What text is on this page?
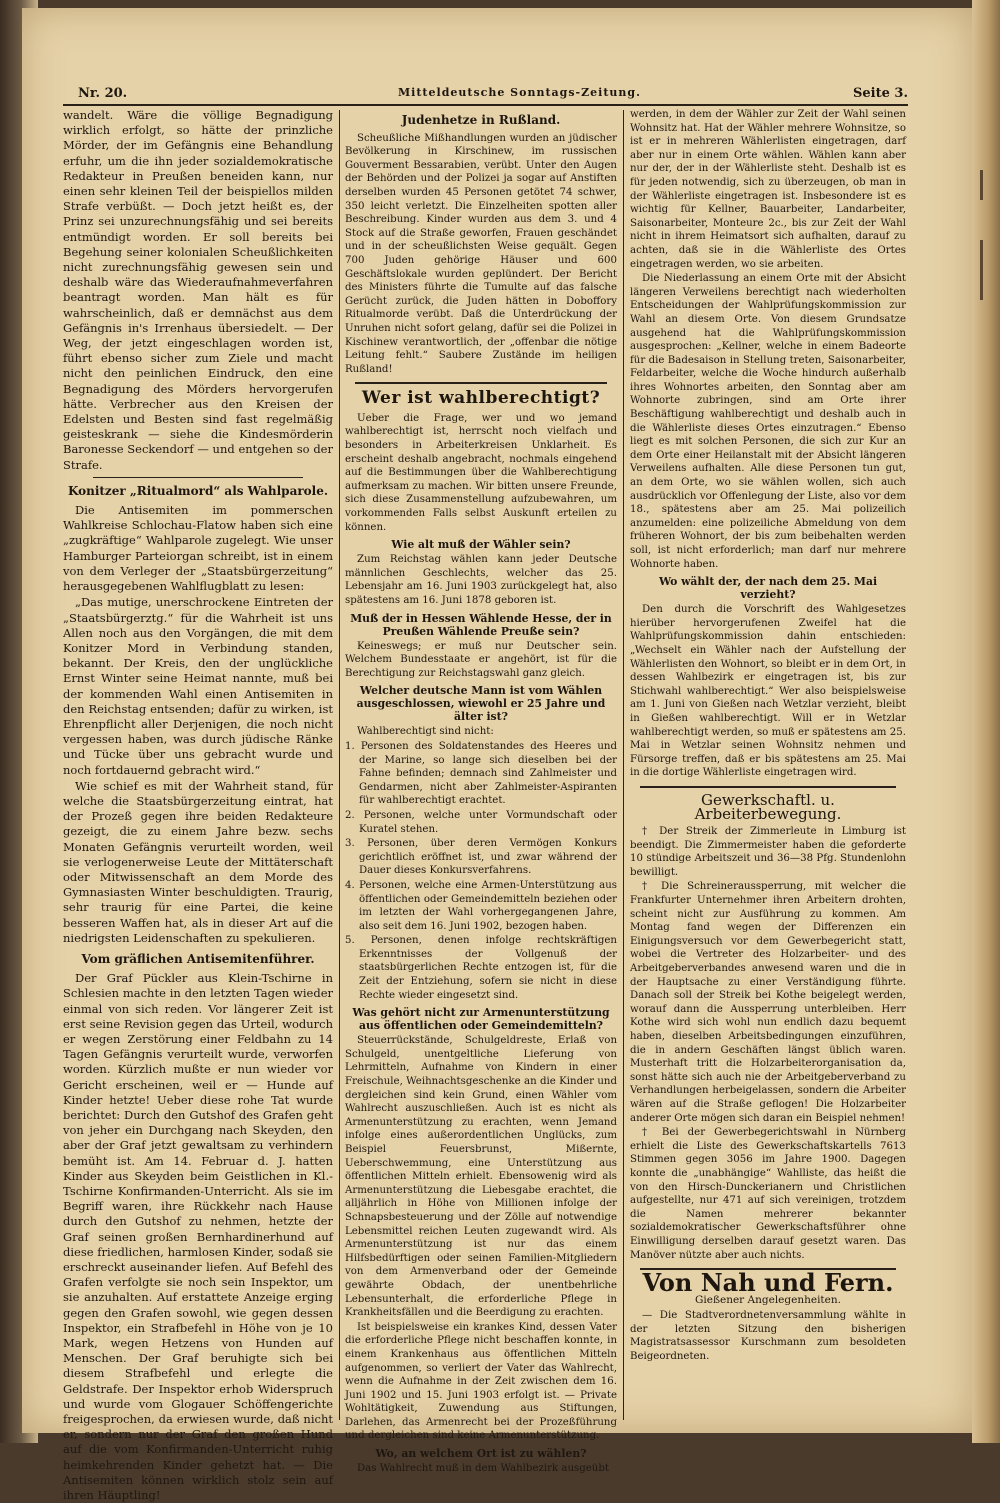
Nr. 20.	Mitteldeutsche Sonntags-Zeitung.	Seite 3.

wandelt. Wäre die völlige Begnadigung wirklich erfolgt, so hätte der prinzliche Mörder, der im Gefängnis eine Behandlung erfuhr, um die ihn jeder sozialdemokratische Redakteur in Preußen beneiden kann, nur einen sehr kleinen Teil der beispiellos milden Strafe verbüßt. — Doch jetzt heißt es, der Prinz sei unzurechnungsfähig und sei bereits entmündigt worden. Er soll bereits bei Begehung seiner kolonialen Scheußlichkeiten nicht zurechnungsfähig gewesen sein und deshalb wäre das Wiederaufnahmeverfahren beantragt worden. Man hält es für wahrscheinlich, daß er demnächst aus dem Gefängnis in's Irrenhaus übersiedelt. — Der Weg, der jetzt eingeschlagen worden ist, führt ebenso sicher zum Ziele und macht nicht den peinlichen Eindruck, den eine Begnadigung des Mörders hervorgerufen hätte. Verbrecher aus den Kreisen der Edelsten und Besten sind fast regelmäßig geisteskrank — siehe die Kindesmörderin Baronesse Seckendorf — und entgehen so der Strafe.

Konitzer „Ritualmord“ als Wahlparole.

Die Antisemiten im pommerschen Wahlkreise Schlochau-Flatow haben sich eine „zugkräftige“ Wahlparole zugelegt. Wie unser Hamburger Parteiorgan schreibt, ist in einem von dem Verleger der „Staatsbürgerzeitung“ herausgegebenen Wahlflugblatt zu lesen:

„Das mutige, unerschrockene Eintreten der „Staatsbürgerztg.“ für die Wahrheit ist uns Allen noch aus den Vorgängen, die mit dem Konitzer Mord in Verbindung standen, bekannt. Der Kreis, den der unglückliche Ernst Winter seine Heimat nannte, muß bei der kommenden Wahl einen Antisemiten in den Reichstag entsenden; dafür zu wirken, ist Ehrenpflicht aller Derjenigen, die noch nicht vergessen haben, was durch jüdische Ränke und Tücke über uns gebracht wurde und noch fortdauernd gebracht wird.“

Wie schief es mit der Wahrheit stand, für welche die Staatsbürgerzeitung eintrat, hat der Prozeß gegen ihre beiden Redakteure gezeigt, die zu einem Jahre bezw. sechs Monaten Gefängnis verurteilt worden, weil sie verlogenerweise Leute der Mittäterschaft oder Mitwissenschaft an dem Morde des Gymnasiasten Winter beschuldigten. Traurig, sehr traurig für eine Partei, die keine besseren Waffen hat, als in dieser Art auf die niedrigsten Leidenschaften zu spekulieren.

Vom gräflichen Antisemitenführer.

Der Graf Pückler aus Klein-Tschirne in Schlesien machte in den letzten Tagen wieder einmal von sich reden. Vor längerer Zeit ist erst seine Revision gegen das Urteil, wodurch er wegen Zerstörung einer Feldbahn zu 14 Tagen Gefängnis verurteilt wurde, verworfen worden. Kürzlich mußte er nun wieder vor Gericht erscheinen, weil er — Hunde auf Kinder hetzte! Ueber diese rohe Tat wurde berichtet: Durch den Gutshof des Grafen geht von jeher ein Durchgang nach Skeyden, den aber der Graf jetzt gewaltsam zu verhindern bemüht ist. Am 14. Februar d. J. hatten Kinder aus Skeyden beim Geistlichen in Kl.-Tschirne Konfirmanden-Unterricht. Als sie im Begriff waren, ihre Rückkehr nach Hause durch den Gutshof zu nehmen, hetzte der Graf seinen großen Bernhardinerhund auf diese friedlichen, harmlosen Kinder, sodaß sie erschreckt auseinander liefen. Auf Befehl des Grafen verfolgte sie noch sein Inspektor, um sie anzuhalten. Auf erstattete Anzeige erging gegen den Grafen sowohl, wie gegen dessen Inspektor, ein Strafbefehl in Höhe von je 10 Mark, wegen Hetzens von Hunden auf Menschen. Der Graf beruhigte sich bei diesem Strafbefehl und erlegte die Geldstrafe. Der Inspektor erhob Widerspruch und wurde vom Glogauer Schöffengerichte freigesprochen, da erwiesen wurde, daß nicht er, sondern nur der Graf den großen Hund auf die vom Konfirmanden-Unterricht ruhig heimkehrenden Kinder gehetzt hat. — Die Antisemiten können wirklich stolz sein auf ihren Häuptling!

Judenhetze in Rußland.

Scheußliche Mißhandlungen wurden an jüdischer Bevölkerung in Kirschinew, im russischen Gouverment Bessarabien, verübt. Unter den Augen der Behörden und der Polizei ja sogar auf Anstiften derselben wurden 45 Personen getötet 74 schwer, 350 leicht verletzt. Die Einzelheiten spotten aller Beschreibung. Kinder wurden aus dem 3. und 4 Stock auf die Straße geworfen, Frauen geschändet und in der scheußlichsten Weise gequält. Gegen 700 Juden gehörige Häuser und 600 Geschäftslokale wurden geplündert. Der Bericht des Ministers führte die Tumulte auf das falsche Gerücht zurück, die Juden hätten in Doboffory Ritualmorde verübt. Daß die Unterdrückung der Unruhen nicht sofort gelang, dafür sei die Polizei in Kischinew verantwortlich, der „offenbar die nötige Leitung fehlt.“ Saubere Zustände im heiligen Rußland!

Wer ist wahlberechtigt?

Ueber die Frage, wer und wo jemand wahlberechtigt ist, herrscht noch vielfach und besonders in Arbeiterkreisen Unklarheit. Es erscheint deshalb angebracht, nochmals eingehend auf die Bestimmungen über die Wahlberechtigung aufmerksam zu machen. Wir bitten unsere Freunde, sich diese Zusammenstellung aufzubewahren, um vorkommenden Falls selbst Auskunft erteilen zu können.

Wie alt muß der Wähler sein?

Zum Reichstag wählen kann jeder Deutsche männlichen Geschlechts, welcher das 25. Lebensjahr am 16. Juni 1903 zurückgelegt hat, also spätestens am 16. Juni 1878 geboren ist.

Muß der in Hessen Wählende Hesse, der in Preußen Wählende Preuße sein?

Keineswegs; er muß nur Deutscher sein. Welchem Bundesstaate er angehört, ist für die Berechtigung zur Reichstagswahl ganz gleich.

Welcher deutsche Mann ist vom Wählen ausgeschlossen, wiewohl er 25 Jahre und älter ist?

Wahlberechtigt sind nicht:

1. Personen des Soldatenstandes des Heeres und der Marine, so lange sich dieselben bei der Fahne befinden; demnach sind Zahlmeister und Gendarmen, nicht aber Zahlmeister-Aspiranten für wahlberechtigt erachtet.
2. Personen, welche unter Vormundschaft oder Kuratel stehen.
3. Personen, über deren Vermögen Konkurs gerichtlich eröffnet ist, und zwar während der Dauer dieses Konkursverfahrens.
4. Personen, welche eine Armen-Unterstützung aus öffentlichen oder Gemeindemitteln beziehen oder im letzten der Wahl vorhergegangenen Jahre, also seit dem 16. Juni 1902, bezogen haben.
5. Personen, denen infolge rechtskräftigen Erkenntnisses der Vollgenuß der staatsbürgerlichen Rechte entzogen ist, für die Zeit der Entziehung, sofern sie nicht in diese Rechte wieder eingesetzt sind.
Was gehört nicht zur Armenunterstützung aus öffentlichen oder Gemeindemitteln?

Steuerrückstände, Schulgeldreste, Erlaß von Schulgeld, unentgeltliche Lieferung von Lehrmitteln, Aufnahme von Kindern in einer Freischule, Weihnachtsgeschenke an die Kinder und dergleichen sind kein Grund, einen Wähler vom Wahlrecht auszuschließen. Auch ist es nicht als Armenunterstützung zu erachten, wenn Jemand infolge eines außerordentlichen Unglücks, zum Beispiel Feuersbrunst, Mißernte, Ueberschwemmung, eine Unterstützung aus öffentlichen Mitteln erhielt. Ebensowenig wird als Armenunterstützung die Liebesgabe erachtet, die alljährlich in Höhe von Millionen infolge der Schnapsbesteuerung und der Zölle auf notwendige Lebensmittel reichen Leuten zugewandt wird. Als Armenunterstützung ist nur das einem Hilfsbedürftigen oder seinen Familien-Mitgliedern von dem Armenverband oder der Gemeinde gewährte Obdach, der unentbehrliche Lebensunterhalt, die erforderliche Pflege in Krankheitsfällen und die Beerdigung zu erachten.

Ist beispielsweise ein krankes Kind, dessen Vater die erforderliche Pflege nicht beschaffen konnte, in einem Krankenhaus aus öffentlichen Mitteln aufgenommen, so verliert der Vater das Wahlrecht, wenn die Aufnahme in der Zeit zwischen dem 16. Juni 1902 und 15. Juni 1903 erfolgt ist. — Private Wohltätigkeit, Zuwendung aus Stiftungen, Darlehen, das Armenrecht bei der Prozeßführung und dergleichen sind keine Armenunterstützung.

Wo, an welchem Ort ist zu wählen?

Das Wahlrecht muß in dem Wahlbezirk ausgeübt

werden, in dem der Wähler zur Zeit der Wahl seinen Wohnsitz hat. Hat der Wähler mehrere Wohnsitze, so ist er in mehreren Wählerlisten eingetragen, darf aber nur in einem Orte wählen. Wählen kann aber nur der, der in der Wählerliste steht. Deshalb ist es für jeden notwendig, sich zu überzeugen, ob man in der Wählerliste eingetragen ist. Insbesondere ist es wichtig für Kellner, Bauarbeiter, Landarbeiter, Saisonarbeiter, Monteure 2c., bis zur Zeit der Wahl nicht in ihrem Heimatsort sich aufhalten, darauf zu achten, daß sie in die Wählerliste des Ortes eingetragen werden, wo sie arbeiten.

Die Niederlassung an einem Orte mit der Absicht längeren Verweilens berechtigt nach wiederholten Entscheidungen der Wahlprüfungskommission zur Wahl an diesem Orte. Von diesem Grundsatze ausgehend hat die Wahlprüfungskommission ausgesprochen: „Kellner, welche in einem Badeorte für die Badesaison in Stellung treten, Saisonarbeiter, Feldarbeiter, welche die Woche hindurch außerhalb ihres Wohnortes arbeiten, den Sonntag aber am Wohnorte zubringen, sind am Orte ihrer Beschäftigung wahlberechtigt und deshalb auch in die Wählerliste dieses Ortes einzutragen.“ Ebenso liegt es mit solchen Personen, die sich zur Kur an dem Orte einer Heilanstalt mit der Absicht längeren Verweilens aufhalten. Alle diese Personen tun gut, an dem Orte, wo sie wählen wollen, sich auch ausdrücklich vor Offenlegung der Liste, also vor dem 18., spätestens aber am 25. Mai polizeilich anzumelden: eine polizeiliche Abmeldung von dem früheren Wohnort, der bis zum beibehalten werden soll, ist nicht erforderlich; man darf nur mehrere Wohnorte haben.

Wo wählt der, der nach dem 25. Mai verzieht?

Den durch die Vorschrift des Wahlgesetzes hierüber hervorgerufenen Zweifel hat die Wahlprüfungskommission dahin entschieden: „Wechselt ein Wähler nach der Aufstellung der Wählerlisten den Wohnort, so bleibt er in dem Ort, in dessen Wahlbezirk er eingetragen ist, bis zur Stichwahl wahlberechtigt.“ Wer also beispielsweise am 1. Juni von Gießen nach Wetzlar verzieht, bleibt in Gießen wahlberechtigt. Will er in Wetzlar wahlberechtigt werden, so muß er spätestens am 25. Mai in Wetzlar seinen Wohnsitz nehmen und Fürsorge treffen, daß er bis spätestens am 25. Mai in die dortige Wählerliste eingetragen wird.

Gewerkschaftl. u. Arbeiterbewegung.

† Der Streik der Zimmerleute in Limburg ist beendigt. Die Zimmermeister haben die geforderte 10 stündige Arbeitszeit und 36—38 Pfg. Stundenlohn bewilligt.

† Die Schreineraussperrung, mit welcher die Frankfurter Unternehmer ihren Arbeitern drohten, scheint nicht zur Ausführung zu kommen. Am Montag fand wegen der Differenzen ein Einigungsversuch vor dem Gewerbegericht statt, wobei die Vertreter des Holzarbeiter- und des Arbeitgeberverbandes anwesend waren und die in der Hauptsache zu einer Verständigung führte. Danach soll der Streik bei Kothe beigelegt werden, worauf dann die Aussperrung unterbleiben. Herr Kothe wird sich wohl nun endlich dazu bequemt haben, dieselben Arbeitsbedingungen einzuführen, die in andern Geschäften längst üblich waren. Musterhaft tritt die Holzarbeiterorganisation da, sonst hätte sich auch nie der Arbeitgeberverband zu Verhandlungen herbeigelassen, sondern die Arbeiter wären auf die Straße geflogen! Die Holzarbeiter anderer Orte mögen sich daran ein Beispiel nehmen!

† Bei der Gewerbegerichtswahl in Nürnberg erhielt die Liste des Gewerkschaftskartells 7613 Stimmen gegen 3056 im Jahre 1900. Dagegen konnte die „unabhängige“ Wahlliste, das heißt die von den Hirsch-Dunckerianern und Christlichen aufgestellte, nur 471 auf sich vereinigen, trotzdem die Namen mehrerer bekannter sozialdemokratischer Gewerkschaftsführer ohne Einwilligung derselben darauf gesetzt waren. Das Manöver nützte aber auch nichts.

Von Nah und Fern.
Gießener Angelegenheiten.

— Die Stadtverordnetenversammlung wählte in der letzten Sitzung den bisherigen Magistratsassessor Kurschmann zum besoldeten Beigeordneten.
